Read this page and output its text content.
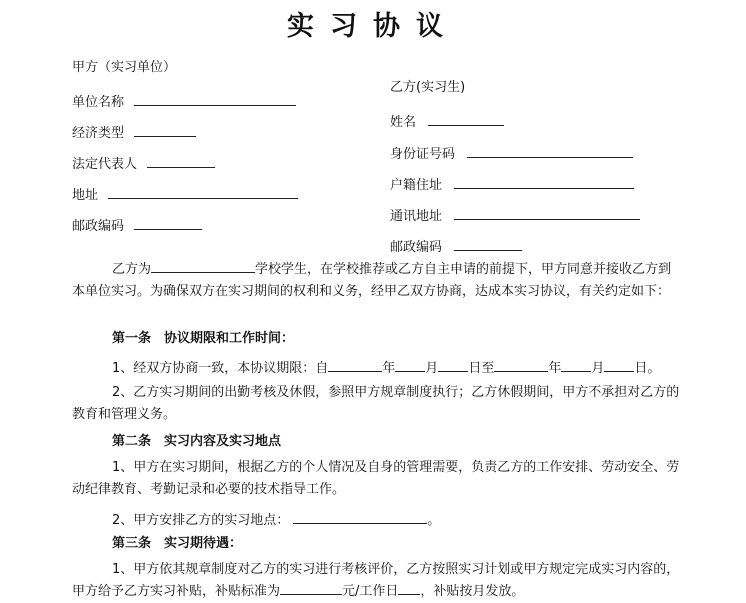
实习协议
甲方（实习单位）
单位名称
经济类型
法定代表人
地址
邮政编码
乙方(实习生)
姓名
身份证号码
户籍住址
通讯地址
邮政编码
乙方为	学校学生，在学校推荐或乙方自主申请的前提下，甲方同意并接收乙方到本单位实习。为确保双方在实习期间的权利和义务，经甲乙双方协商，达成本实习协议，有关约定如下：
第一条　协议期限和工作时间：
1、经双方协商一致，本协议期限：自	年 月 日至	年 月 日。
2、乙方实习期间的出勤考核及休假，参照甲方规章制度执行；乙方休假期间，甲方不承担对乙方的教育和管理义务。
第二条　实习内容及实习地点
1、甲方在实习期间，根据乙方的个人情况及自身的管理需要，负责乙方的工作安排、劳动安全、劳动纪律教育、考勤记录和必要的技术指导工作。
2、甲方安排乙方的实习地点：	。
第三条　实习期待遇：
1、甲方依其规章制度对乙方的实习进行考核评价，乙方按照实习计划或甲方规定完成实习内容的，甲方给予乙方实习补贴，补贴标准为	元/工作日 ，补贴按月发放。
